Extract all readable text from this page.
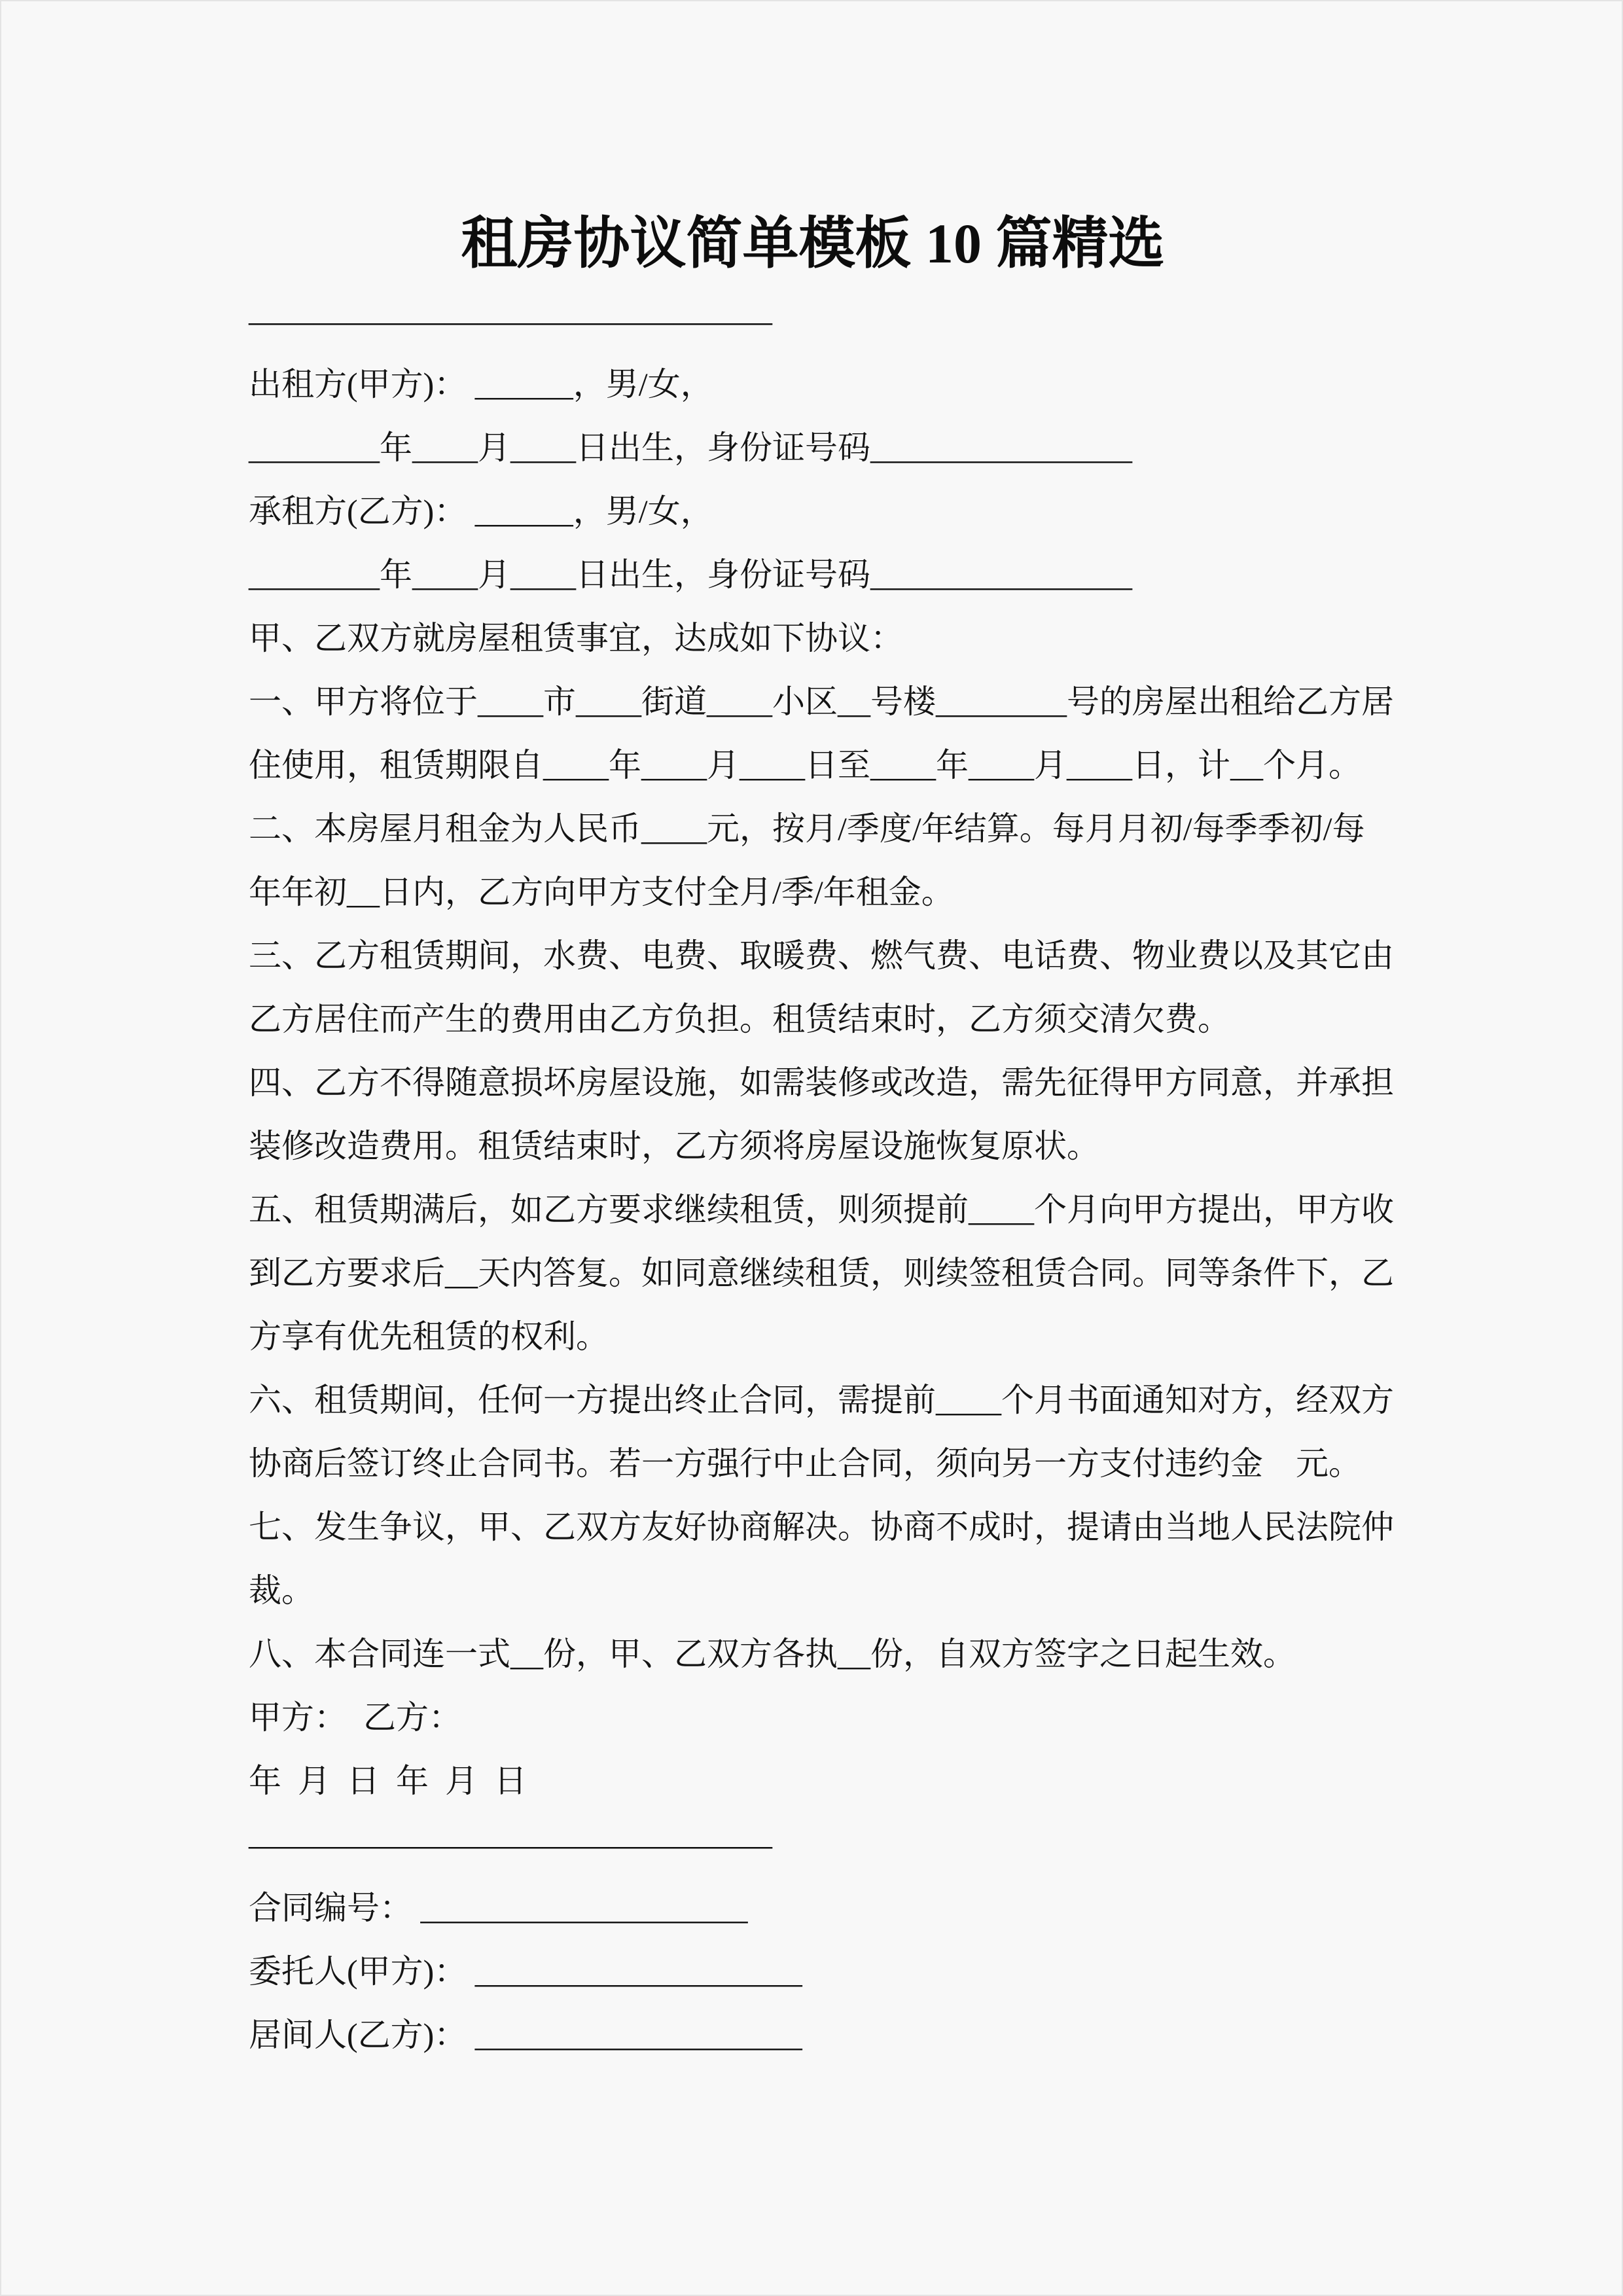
租房协议简单模板 10 篇精选
————————————————
出租方(甲方)： ______，男/女，
________年____月____日出生，身份证号码________________
承租方(乙方)： ______，男/女，
________年____月____日出生，身份证号码________________
甲、乙双方就房屋租赁事宜，达成如下协议：
一、甲方将位于____市____街道____小区__号楼________号的房屋出租给乙方居
住使用，租赁期限自____年____月____日至____年____月____日，计__个月。
二、本房屋月租金为人民币____元，按月/季度/年结算。每月月初/每季季初/每
年年初__日内，乙方向甲方支付全月/季/年租金。
三、乙方租赁期间，水费、电费、取暖费、燃气费、电话费、物业费以及其它由
乙方居住而产生的费用由乙方负担。租赁结束时，乙方须交清欠费。
四、乙方不得随意损坏房屋设施，如需装修或改造，需先征得甲方同意，并承担
装修改造费用。租赁结束时，乙方须将房屋设施恢复原状。
五、租赁期满后，如乙方要求继续租赁，则须提前____个月向甲方提出，甲方收
到乙方要求后__天内答复。如同意继续租赁，则续签租赁合同。同等条件下，乙
方享有优先租赁的权利。
六、租赁期间，任何一方提出终止合同，需提前____个月书面通知对方，经双方
协商后签订终止合同书。若一方强行中止合同，须向另一方支付违约金　元。
七、发生争议，甲、乙双方友好协商解决。协商不成时，提请由当地人民法院仲
裁。
八、本合同连一式__份，甲、乙双方各执__份，自双方签字之日起生效。
甲方：  乙方：
年  月  日  年  月  日
————————————————
合同编号： ____________________
委托人(甲方)： ____________________
居间人(乙方)： ____________________
